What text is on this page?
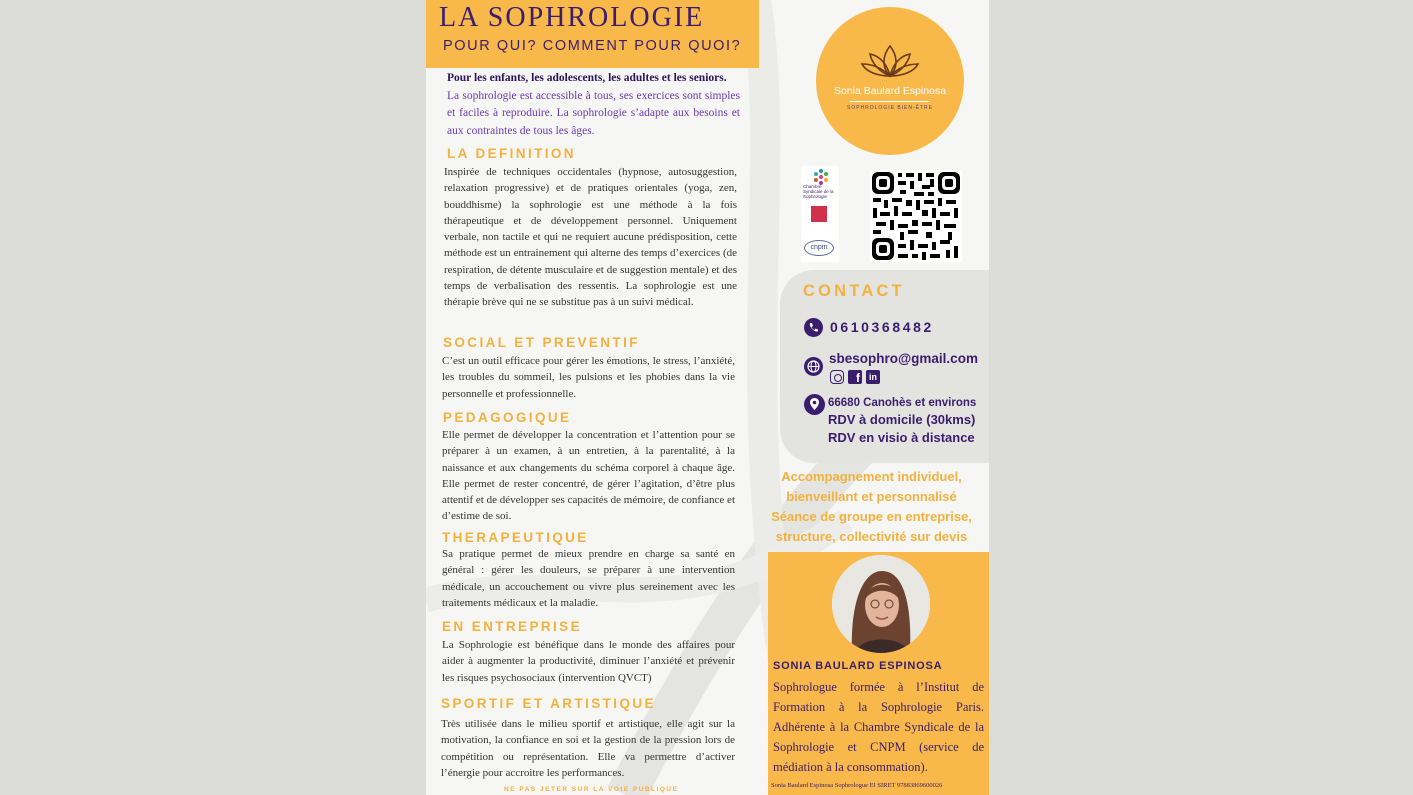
LA SOPHROLOGIE
POUR QUI? COMMENT POUR QUOI?
Pour les enfants, les adolescents, les adultes et les seniors.
La sophrologie est accessible à tous, ses exercices sont simples et faciles à reproduire. La sophrologie s’adapte aux besoins et aux contraintes de tous les âges.
LA DEFINITION
Inspirée de techniques occidentales (hypnose, autosuggestion, relaxation progressive) et de pratiques orientales (yoga, zen, bouddhisme) la sophrologie est une méthode à la fois thérapeutique et de développement personnel. Uniquement verbale, non tactile et qui ne requiert aucune prédisposition, cette méthode est un entrainement qui alterne des temps d’exercices (de respiration, de détente musculaire et de suggestion mentale) et des temps de verbalisation des ressentis. La sophrologie est une thérapie brève qui ne se substitue pas à un suivi médical.
SOCIAL ET PREVENTIF
C’est un outil efficace pour gérer les émotions, le stress, l’anxiété, les troubles du sommeil, les pulsions et les phobies dans la vie personnelle et professionnelle.
PEDAGOGIQUE
Elle permet de développer la concentration et l’attention pour se préparer à un examen, à un entretien, à la parentalité, à la naissance et aux changements du schéma corporel à chaque âge. Elle permet de rester concentré, de gérer l’agitation, d’être plus attentif et de développer ses capacités de mémoire, de confiance et d’estime de soi.
THERAPEUTIQUE
Sa pratique permet de mieux prendre en charge sa santé en général : gérer les douleurs, se préparer à une intervention médicale, un accouchement ou vivre plus sereinement avec les traitements médicaux et la maladie.
EN ENTREPRISE
La Sophrologie est bénéfique dans le monde des affaires pour aider à augmenter la productivité, diminuer l’anxiété et prévenir les risques psychosociaux (intervention QVCT)
SPORTIF ET ARTISTIQUE
Très utilisée dans le milieu sportif et artistique, elle agit sur la motivation, la confiance en soi et la gestion de la pression lors de compétition ou représentation. Elle va permettre d’activer l’énergie pour accroitre les performances.
NE PAS JETER SUR LA VOIE PUBLIQUE
Sonia Baulard Espinosa
SOPHROLOGIE BIEN-ÊTRE
Chambre Syndicale de la Sophrologie
cnpm
CONTACT
0610368482
sbesophro@gmail.com
f	in
66680 Canohès et environs
RDV à domicile (30kms)
RDV en visio à distance
Accompagnement individuel,
bienveillant et personnalisé
Séance de groupe en entreprise,
structure, collectivité sur devis
SONIA BAULARD ESPINOSA
Sophrologue formée à l’Institut de Formation à la Sophrologie Paris. Adhérente à la Chambre Syndicale de la Sophrologie et CNPM (service de médiation à la consommation).
Sonia Baulard Espinosa Sophrologue EI SIRET 97883869600026
